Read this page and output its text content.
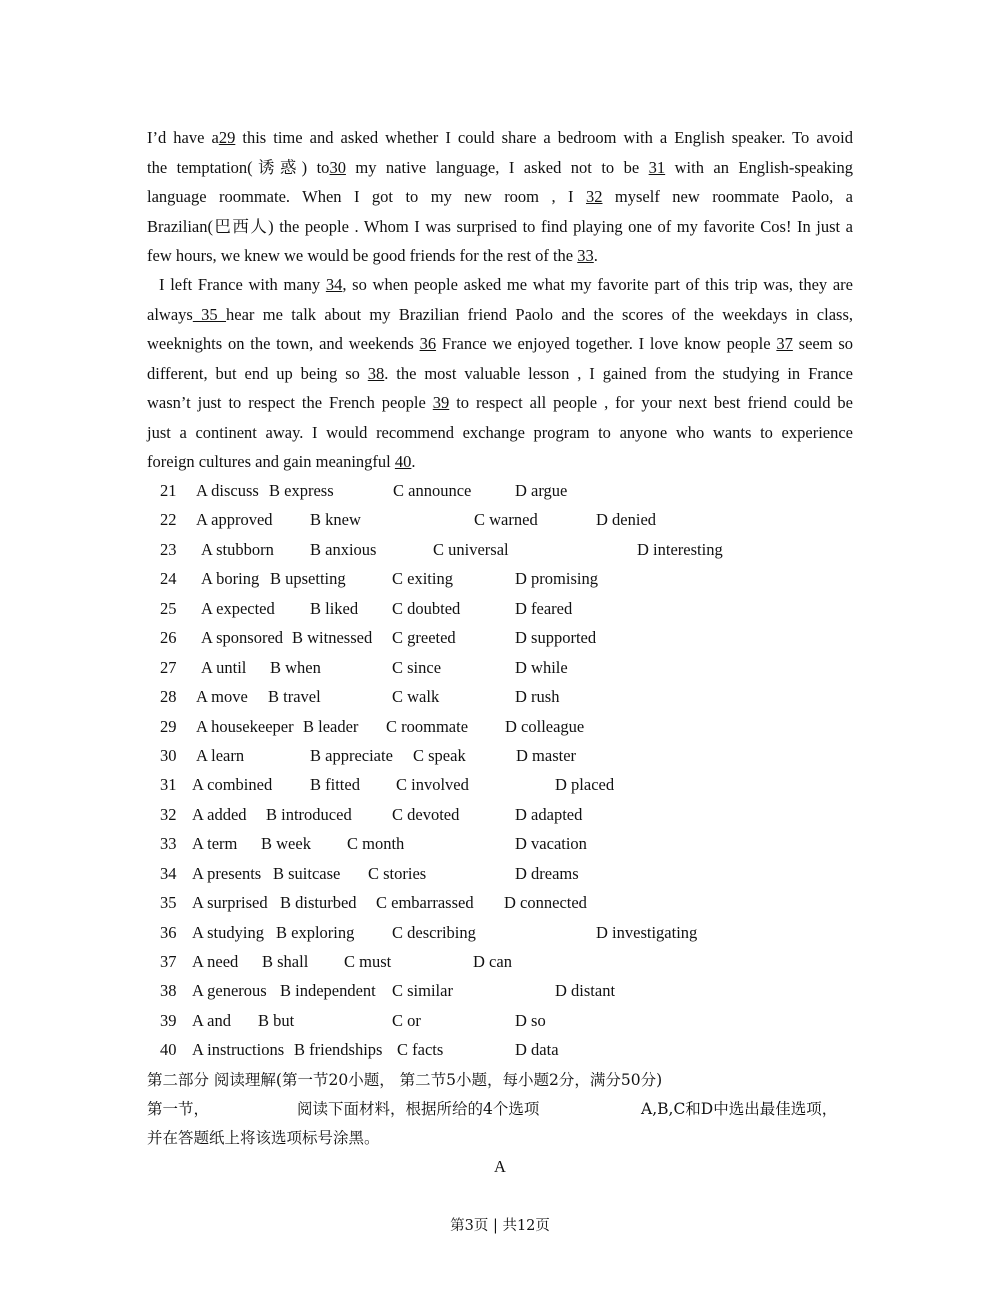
I’d have a29 this time and asked whether I could share a bedroom with a English speaker. To avoid
the temptation(诱惑) to30 my native language, I asked not to be 31 with an English-speaking
language roommate. When I got to my new room , I 32 myself new roommate Paolo, a
Brazilian(巴西人) the people . Whom I was surprised to find playing one of my favorite Cos! In just a
few hours, we knew we would be good friends for the rest of the 33.
I left France with many 34, so when people asked me what my favorite part of this trip was, they are
always 35 hear me talk about my Brazilian friend Paolo and the scores of the weekdays in class,
weeknights on the town, and weekends 36 France we enjoyed together. I love know people 37 seem so
different, but end up being so 38. the most valuable lesson , I gained from the studying in France
wasn’t just to respect the French people 39 to respect all people , for your next best friend could be
just a continent away. I would recommend exchange program to anyone who wants to experience
foreign cultures and gain meaningful 40.
21 A discuss B express	C announce	D argue
22 A approved B knew	C warned	D denied
23 A stubborn B anxious	C universal	D interesting
24 A boring B upsetting	C exiting	D promising
25 A expected B liked C doubted	D feared
26 A sponsored B witnessed C greeted	D supported
27 A until B when	C since	D while
28 A move B travel	C walk	D rush
29 A housekeeper B leader C roommate D colleague
30 A learn	B appreciate C speak	D master
31 A combined B fitted C involved	D placed
32 A added B introduced C devoted	D adapted
33 A term B week C month	D vacation
34 A presents B suitcase C stories	D dreams
35 A surprised B disturbed C embarrassed D connected
36 A studying B exploring C describing	D investigating
37 A need B shall C must	D can
38 A generous B independent C similar	D distant
39 A and B but	C or	D so
40 A instructions B friendships C facts	D data
第二部分 阅读理解(第一节20小题， 第二节5小题，每小题2分，满分50分)
第一节，	阅读下面材料，根据所给的4个选项	A,B,C和D中选出最佳选项，
并在答题纸上将该选项标号涂黑。
A
第3页 | 共12页
